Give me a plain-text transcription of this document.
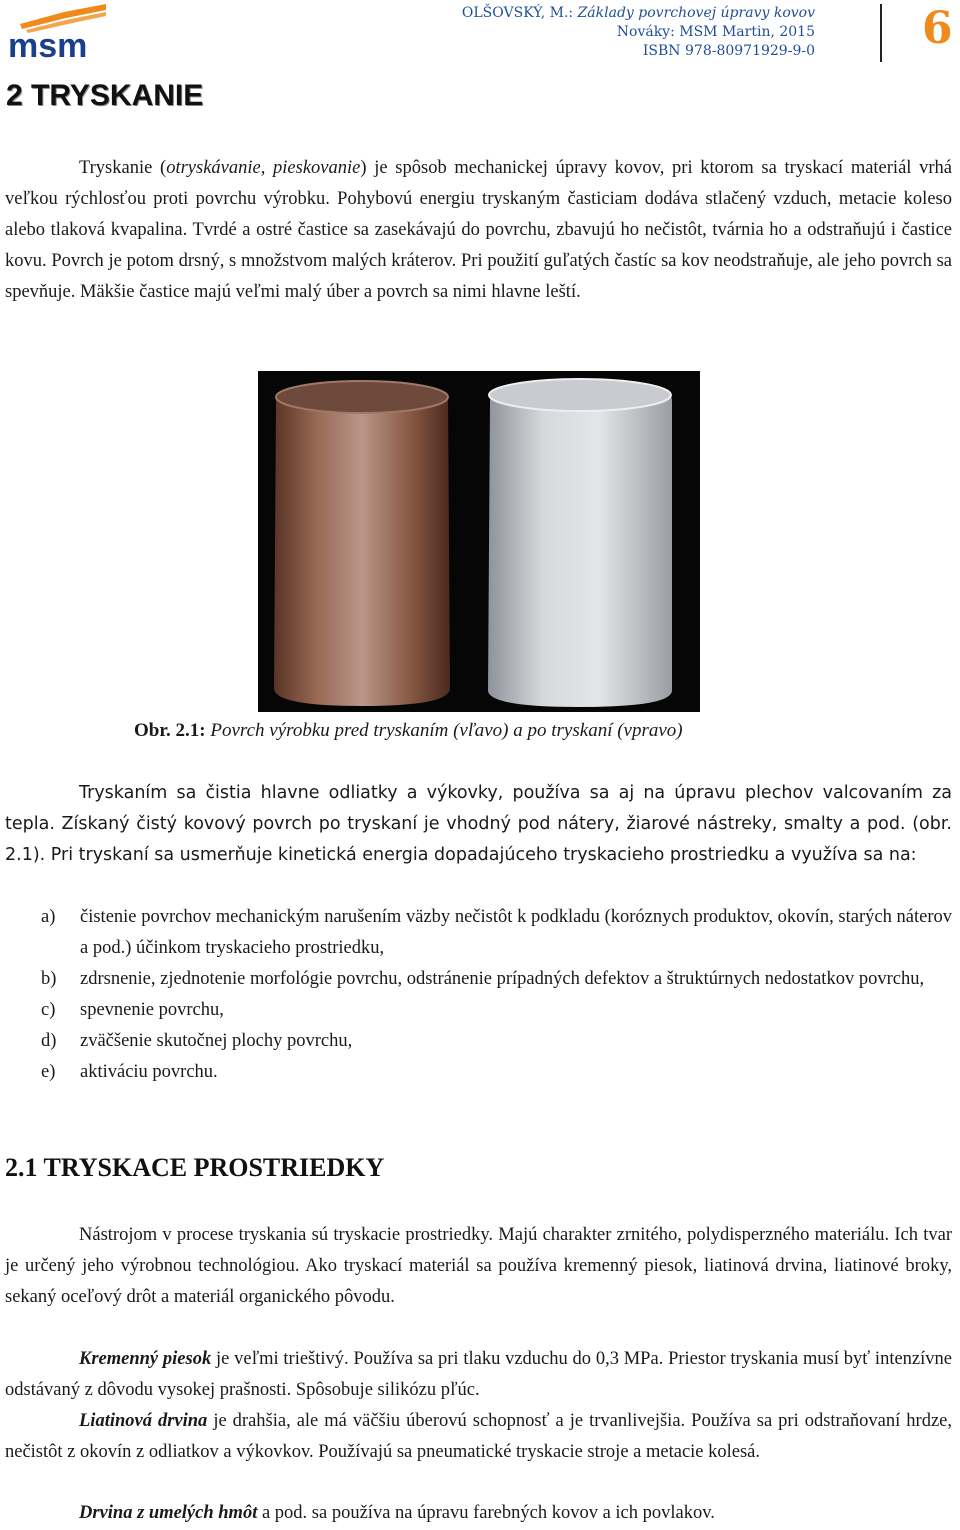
msm
OLŠOVSKÝ, M.: Základy povrchovej úpravy kovov
Nováky: MSM Martin, 2015
ISBN 978-80971929-9-0 6
2 TRYSKANIE

Tryskanie (otryskávanie, pieskovanie) je spôsob mechanickej úpravy kovov, pri ktorom sa tryskací materiál vrhá veľkou rýchlosťou proti povrchu výrobku. Pohybovú energiu tryskaným časticiam dodáva stlačený vzduch, metacie koleso alebo tlaková kvapalina. Tvrdé a ostré častice sa zasekávajú do povrchu, zbavujú ho nečistôt, tvárnia ho a odstraňujú i častice kovu. Povrch je potom drsný, s množstvom malých kráterov. Pri použití guľatých častíc sa kov neodstraňuje, ale jeho povrch sa spevňuje. Mäkšie častice majú veľmi malý úber a povrch sa nimi hlavne leští.

Obr. 2.1: Povrch výrobku pred tryskaním (vľavo) a po tryskaní (vpravo)

Tryskaním sa čistia hlavne odliatky a výkovky, používa sa aj na úpravu plechov valcovaním za tepla. Získaný čistý kovový povrch po tryskaní je vhodný pod nátery, žiarové nástreky, smalty a pod. (obr. 2.1). Pri tryskaní sa usmerňuje kinetická energia dopadajúceho tryskacieho prostriedku a využíva sa na:

a) čistenie povrchov mechanickým narušením väzby nečistôt k podkladu (koróznych produktov, okovín, starých náterov a pod.) účinkom tryskacieho prostriedku,
b) zdrsnenie, zjednotenie morfológie povrchu, odstránenie prípadných defektov a štruktúrnych nedostatkov povrchu,
c) spevnenie povrchu,
d) zväčšenie skutočnej plochy povrchu,
e) aktiváciu povrchu.
2.1 TRYSKACE PROSTRIEDKY

Nástrojom v procese tryskania sú tryskacie prostriedky. Majú charakter zrnitého, polydisperzného materiálu. Ich tvar je určený jeho výrobnou technológiou. Ako tryskací materiál sa používa kremenný piesok, liatinová drvina, liatinové broky, sekaný oceľový drôt a materiál organického pôvodu.

Kremenný piesok je veľmi trieštivý. Používa sa pri tlaku vzduchu do 0,3 MPa. Priestor tryskania musí byť intenzívne odstávaný z dôvodu vysokej prašnosti. Spôsobuje silikózu pľúc.

Liatinová drvina je drahšia, ale má väčšiu úberovú schopnosť a je trvanlivejšia. Používa sa pri odstraňovaní hrdze, nečistôt z okovín z odliatkov a výkovkov. Používajú sa pneumatické tryskacie stroje a metacie kolesá.

Drvina z umelých hmôt a pod. sa používa na úpravu farebných kovov a ich povlakov.
